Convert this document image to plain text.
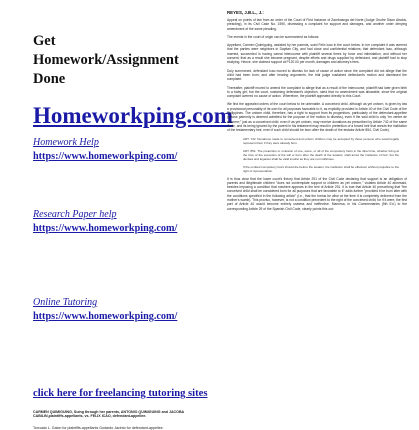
Get Homework/Assignment Done
Homeworkping.com
Homework Help
https://www.homeworkping.com/
Research Paper help
https://www.homeworkping.com/
Online Tutoring
https://www.homeworkping.com/
click here for freelancing tutoring sites
CARMEN QUIMIGUING, Suing through her parents, ANTONIO QUIMIGUING and JACOBA CABILIN,plaintiffs-appellants, vs. FELIX ICAO, defendant-appellee.
Torcuato L. Galon for plaintiffs-appellants Godardo Jacinto for defendant-appellee.

REYES, J.B.L., J.:

Appeal on points of law from an order of the Court of First Instance of Zamboanga del Norte (Judge Onofre Sison Abalos, presiding), in its Civil Case No. 1590, dismissing a complaint for support and damages, and another order denying amendment of the same pleading.

The events in the court of origin can be summarized as follows:

Appellant, Carmen Quimiguing, assisted by her parents, sued Felix Icao in the court below. In her complaint it was averred that the parties were neighbors in Dapitan City, and had close and confidential relations; that defendant Icao, although married, succeeded in having carnal intercourse with plaintiff several times by force and intimidation, and without her consent; that as a result she became pregnant, despite efforts and drugs supplied by defendant, and plaintiff had to stop studying. Hence, she claimed support at P120.00 per month, damages and attorney's fees.

Duly summoned, defendant Icao moved to dismiss for lack of cause of action since the complaint did not allege that the child had been born; and after hearing arguments, the trial judge sustained defendant's motion and dismissed the complaint.

Thereafter, plaintiff moved to amend the complaint to allege that as a result of the intercourse, plaintiff had later given birth to a baby girl; but the court, sustaining defendant's objection, ruled that no amendment was allowable, since the original complaint averred no cause of action. Wherefore, the plaintiff appealed directly to this Court.

We find the appealed orders of the court below to be untenable. A conceived child, although as yet unborn, is given by law a provisional personality of its own for all purposes favorable to it, as explicitly provided in Article 40 of the Civil Code of the Philippines. The unborn child, therefore, has a right to support from its progenitors, particularly of the defendant-appellee (whose paternity is deemed admitted for the purpose of the motion to dismiss), even if the said child is only "en ventre de sa mere;" just as a conceived child, even if as yet unborn, may receive donations as prescribed by Article 742 of the same Code, and its being ignored by the parent in his testament may result in preterition of a forced heir that annuls the institution of the testamentary heir, even if such child should be born after the death of the testator Article 854, Civil Code).

ART. 742. Donations made to conceived and unborn children may be accepted by those persons who would legally represent them if they were already born.

ART. 854. The preterition or omission of one, some, or all of the compulsory heirs in the direct line, whether living at the time of the execution of the will or born after the death of the testator, shall annul the institution of heir; but the devises and legacies shall be valid insofar as they are not inofficious.

If the omitted compulsory heirs should die before the testator, the institution shall be effectual, without prejudice to the right of representation.

It is thus clear that the lower court's theory that Article 291 of the Civil Code declaring that support is an obligation of parents and illegitimate children "does not contemplate support to children as yet unborn," violates Article 40 aforesaid, besides imposing a condition that nowhere appears in the text of Article 291. It is true that Article 40 prescribing that "the conceived child shall be considered born for all purposes that are favorable to it" adds further "provided it be born later with the conditions specified in the following article" (i.e., that the foetus be alive at the time it is completely delivered from the mother's womb). This proviso, however, is not a condition precedent to the right of the conceived child; for if it were, the first part of Article 40 would become entirely useless and ineffective. Manresa, in his Commentaries (5th Ed.) to the corresponding Article 29 of the Spanish Civil Code, clearly points this out:
